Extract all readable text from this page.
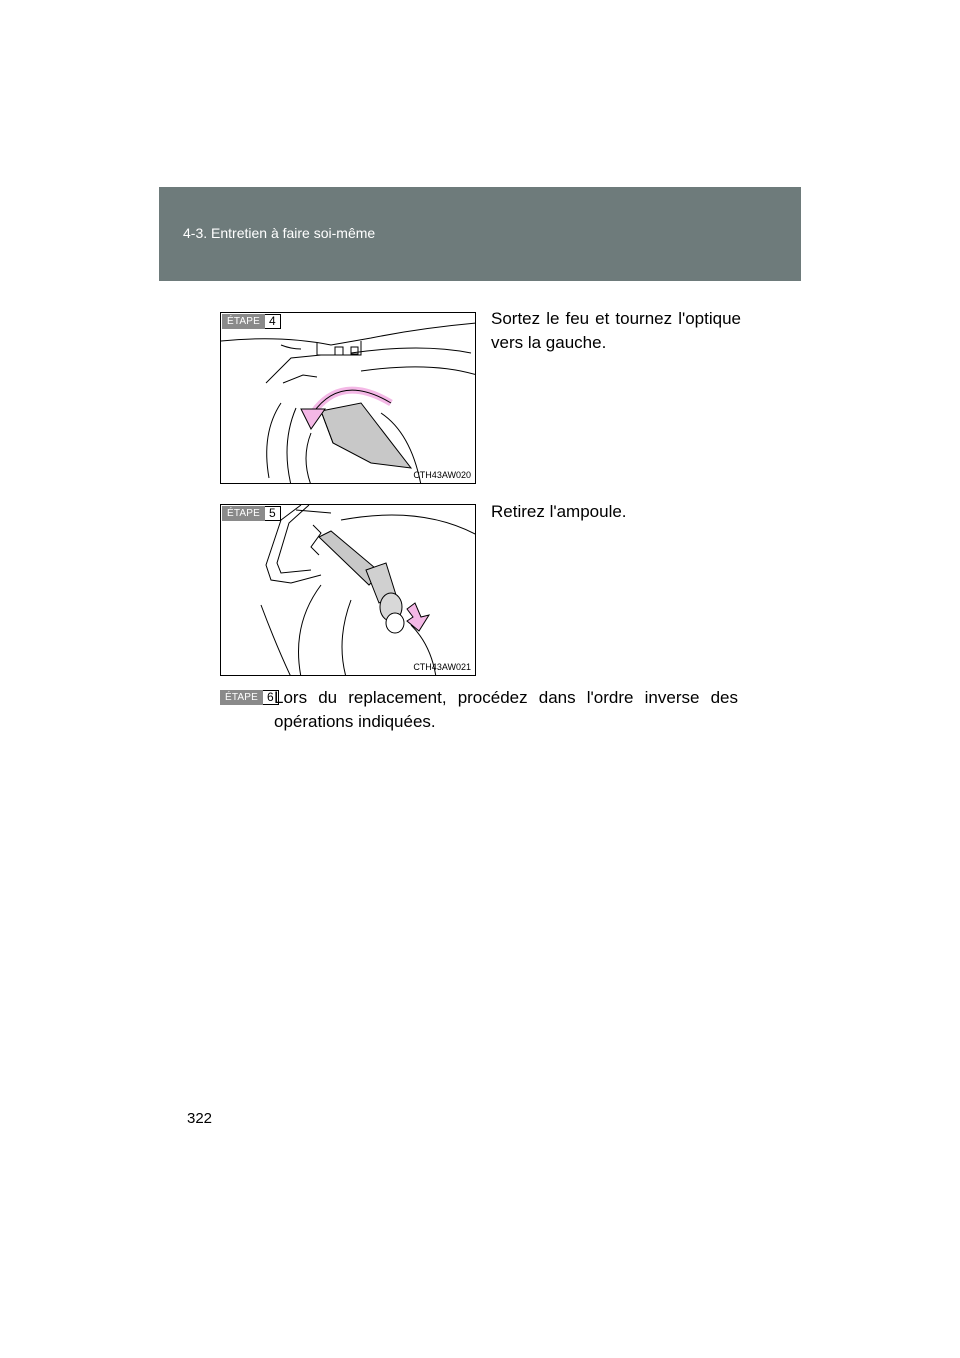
4-3. Entretien à faire soi-même
ÉTAPE 4
CTH43AW020
Sortez le feu et tournez l'optique vers la gauche.
ÉTAPE 5
CTH43AW021
Retirez l'ampoule.
ÉTAPE 6 Lors du replacement, procédez dans l'ordre inverse des opérations indiquées.
322
